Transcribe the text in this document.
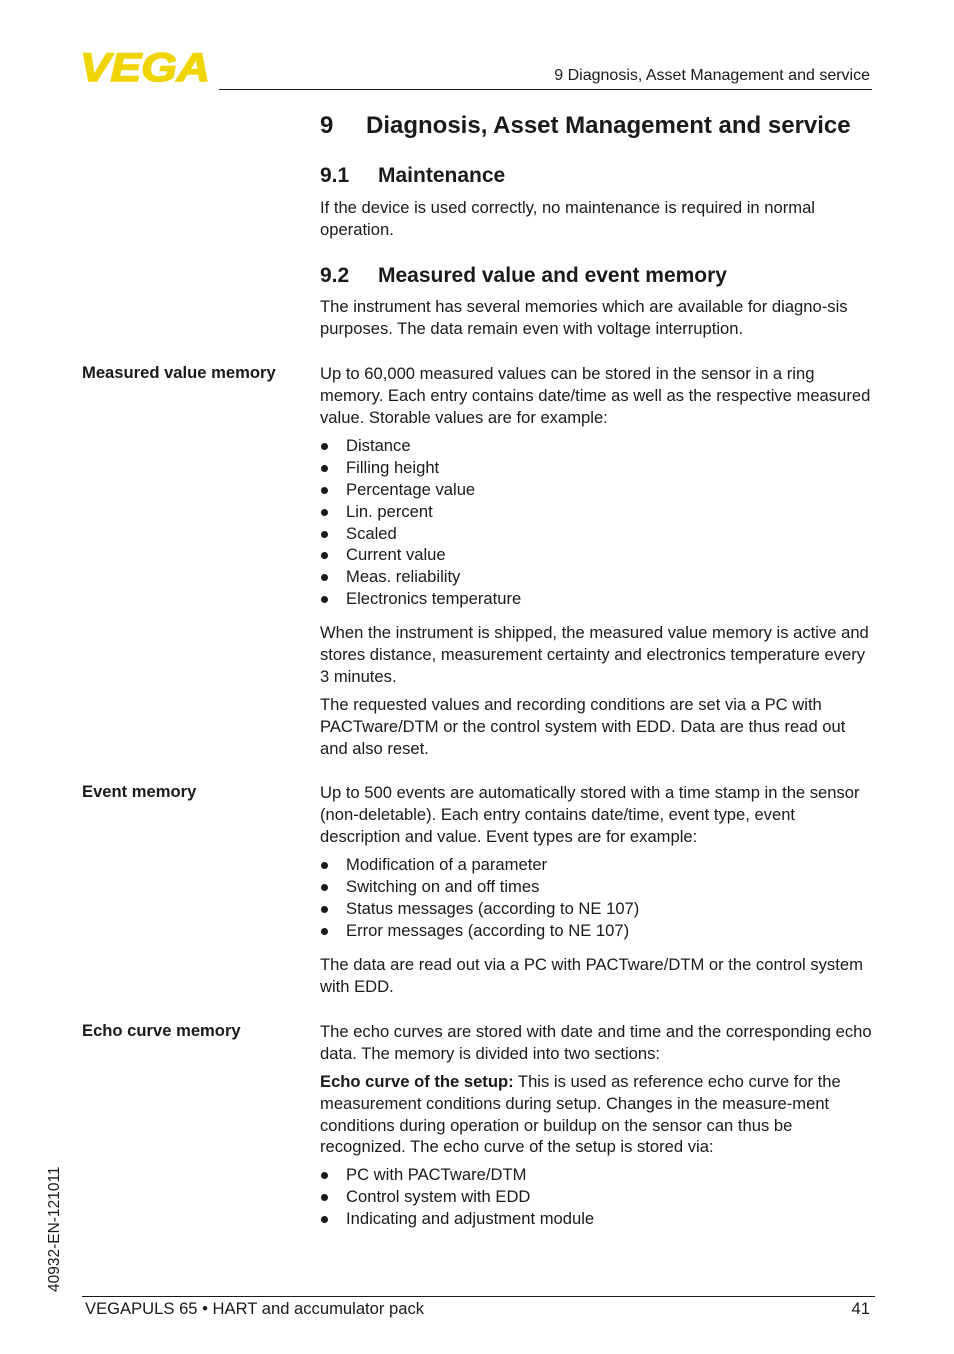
VEGA	9 Diagnosis, Asset Management and service
9 Diagnosis, Asset Management and service
9.1 Maintenance
If the device is used correctly, no maintenance is required in normal operation.
9.2 Measured value and event memory
The instrument has several memories which are available for diagno-sis purposes. The data remain even with voltage interruption.
Measured value memory	Up to 60,000 measured values can be stored in the sensor in a ring memory. Each entry contains date/time as well as the respective measured value. Storable values are for example:
Distance
Filling height
Percentage value
Lin. percent
Scaled
Current value
Meas. reliability
Electronics temperature
When the instrument is shipped, the measured value memory is active and stores distance, measurement certainty and electronics temperature every 3 minutes.
The requested values and recording conditions are set via a PC with PACTware/DTM or the control system with EDD. Data are thus read out and also reset.
Event memory	Up to 500 events are automatically stored with a time stamp in the sensor (non-deletable). Each entry contains date/time, event type, event description and value. Event types are for example:
Modification of a parameter
Switching on and off times
Status messages (according to NE 107)
Error messages (according to NE 107)
The data are read out via a PC with PACTware/DTM or the control system with EDD.
Echo curve memory	The echo curves are stored with date and time and the corresponding echo data. The memory is divided into two sections:
Echo curve of the setup: This is used as reference echo curve for the measurement conditions during setup. Changes in the measure-ment conditions during operation or buildup on the sensor can thus be recognized. The echo curve of the setup is stored via:
PC with PACTware/DTM
Control system with EDD
Indicating and adjustment module
40932-EN-121011
VEGAPULS 65 • HART and accumulator pack	41
